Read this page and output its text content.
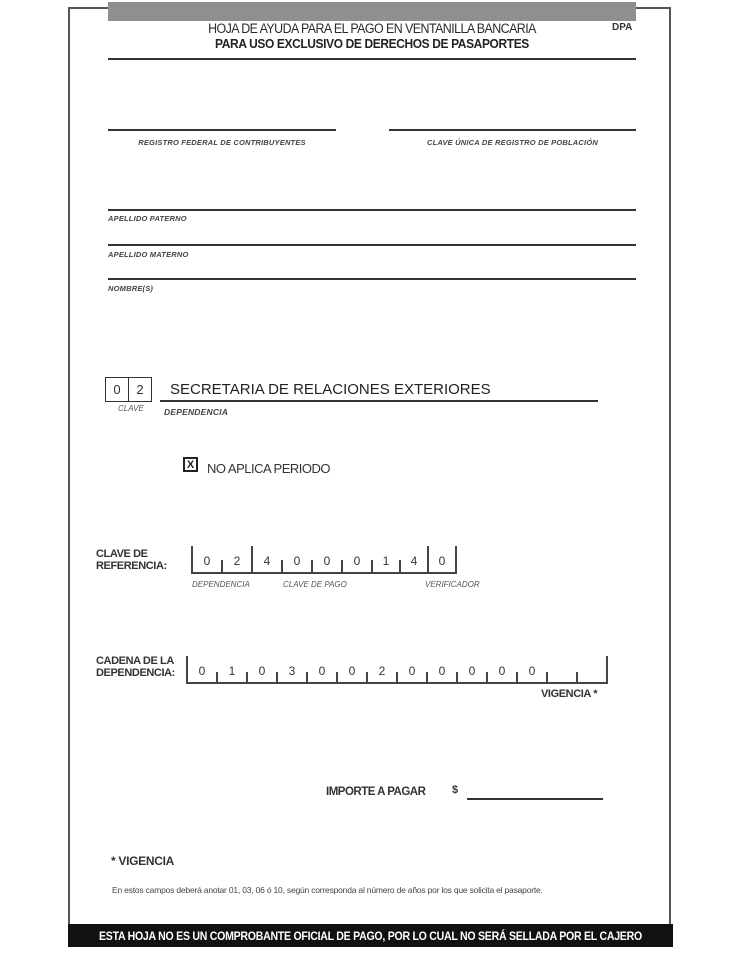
HOJA DE AYUDA PARA EL PAGO EN VENTANILLA BANCARIA
PARA USO EXCLUSIVO DE DERECHOS DE PASAPORTES
DPA
REGISTRO FEDERAL DE CONTRIBUYENTES	CLAVE ÚNICA DE REGISTRO DE POBLACIÓN
APELLIDO PATERNO
APELLIDO MATERNO
NOMBRE(S)
0	2
CLAVE
SECRETARIA DE RELACIONES EXTERIORES
DEPENDENCIA
X NO APLICA PERIODO
CLAVE DE
REFERENCIA:	0	2	4	0	0	0	1	4	0
DEPENDENCIA	CLAVE DE PAGO	VERIFICADOR
CADENA DE LA
DEPENDENCIA:	0	1	0	3	0	0	2	0	0	0	0	0
VIGENCIA *
IMPORTE A PAGAR $
* VIGENCIA
En estos campos deberá anotar 01, 03, 06 ó 10, según corresponda al número de años por los que solicita el pasaporte.
ESTA HOJA NO ES UN COMPROBANTE OFICIAL DE PAGO, POR LO CUAL NO SERÁ SELLADA POR EL CAJERO
